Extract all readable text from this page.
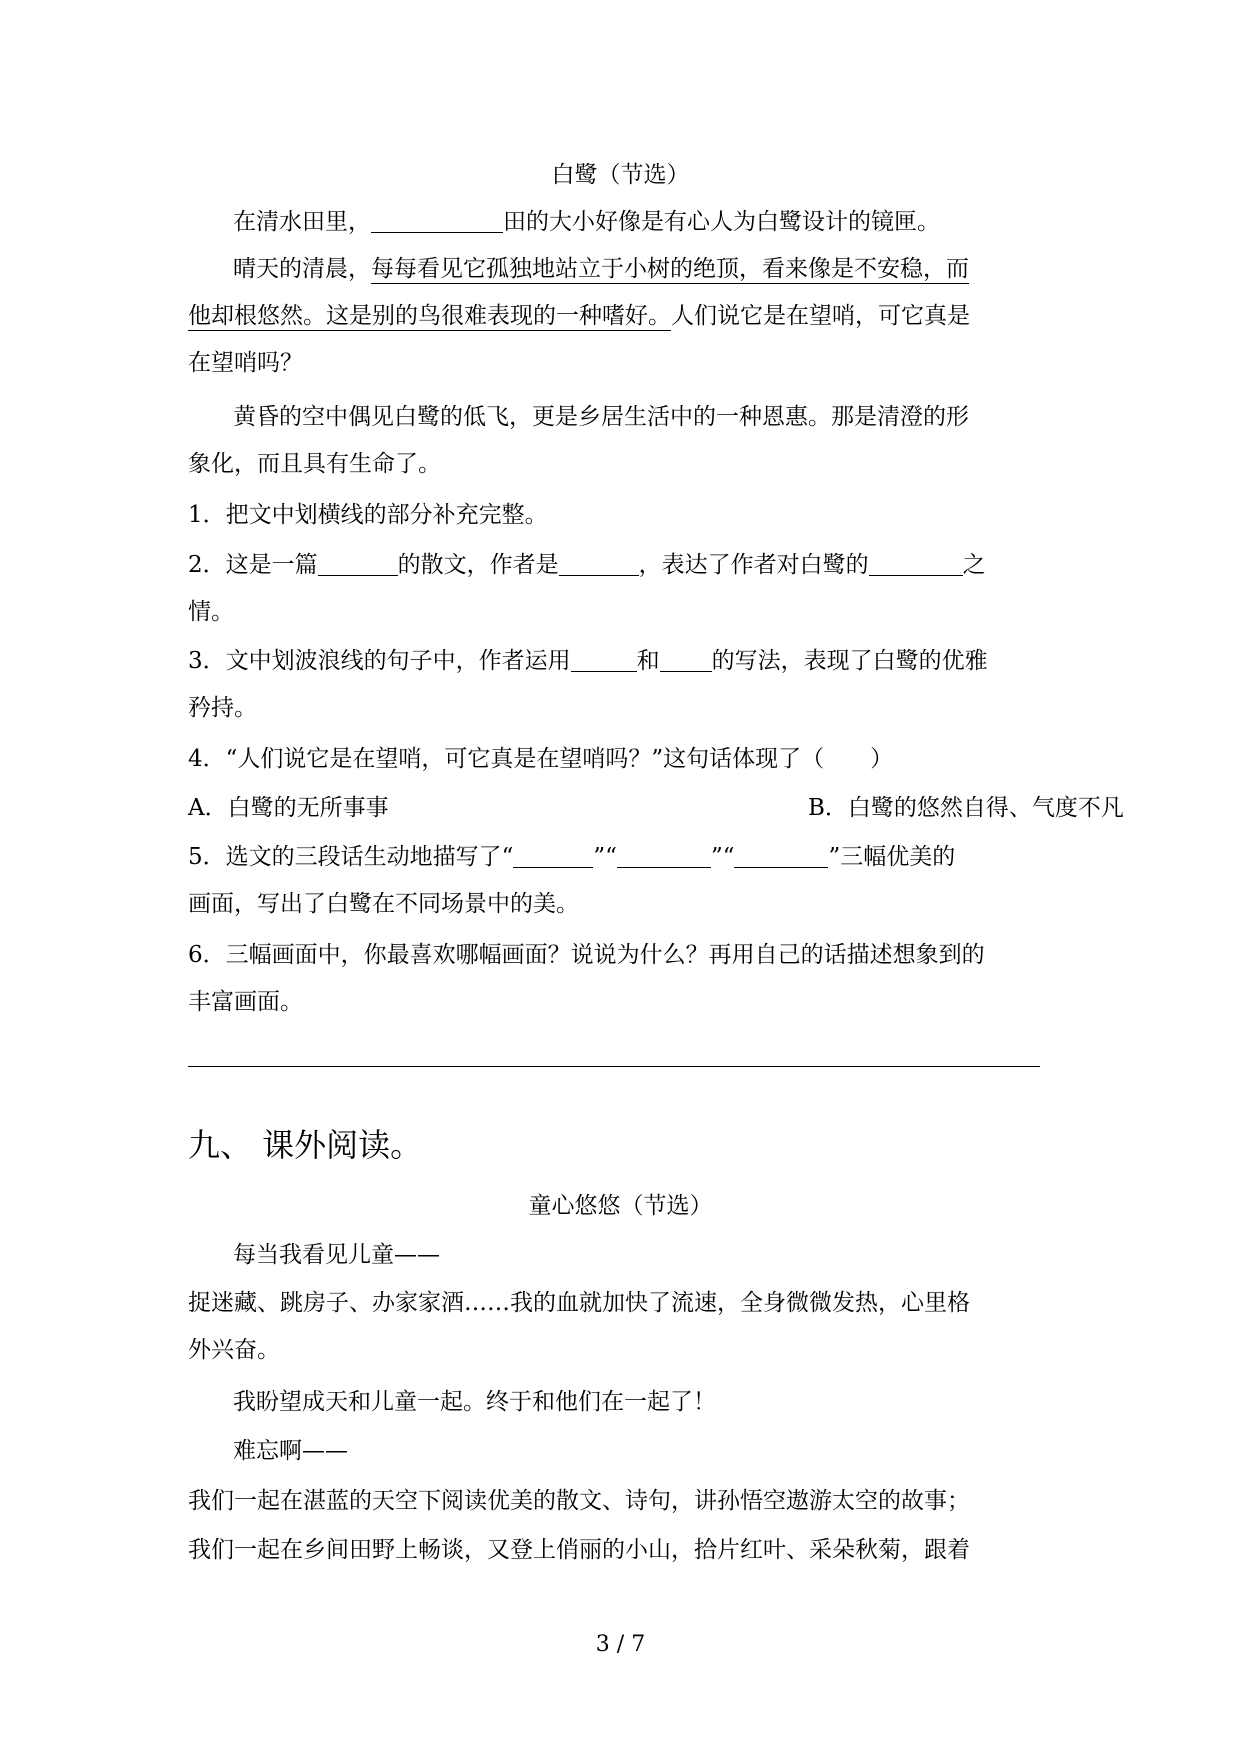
白鹭（节选）
在清水田里，	田的大小好像是有心人为白鹭设计的镜匣。
晴天的清晨，每每看见它孤独地站立于小树的绝顶，看来像是不安稳，而
他却根悠然。这是别的鸟很难表现的一种嗜好。人们说它是在望哨，可它真是
在望哨吗？
黄昏的空中偶见白鹭的低飞，更是乡居生活中的一种恩惠。那是清澄的形
象化，而且具有生命了。
1．把文中划横线的部分补充完整。
2．这是一篇	的散文，作者是	，表达了作者对白鹭的	之
情。
3．文中划波浪线的句子中，作者运用	和 的写法，表现了白鹭的优雅
矜持。
4．“人们说它是在望哨，可它真是在望哨吗？”这句话体现了（　　）
A．白鹭的无所事事	B．白鹭的悠然自得、气度不凡
5．选文的三段话生动地描写了“	”“	”“	”三幅优美的
画面，写出了白鹭在不同场景中的美。
6．三幅画面中，你最喜欢哪幅画面？说说为什么？再用自己的话描述想象到的
丰富画面。
九、 课外阅读。
童心悠悠（节选）
每当我看见儿童——
捉迷藏、跳房子、办家家酒……我的血就加快了流速，全身微微发热，心里格
外兴奋。
我盼望成天和儿童一起。终于和他们在一起了！
难忘啊——
我们一起在湛蓝的天空下阅读优美的散文、诗句，讲孙悟空遨游太空的故事；
我们一起在乡间田野上畅谈，又登上俏丽的小山，拾片红叶、采朵秋菊，跟着
3 / 7
